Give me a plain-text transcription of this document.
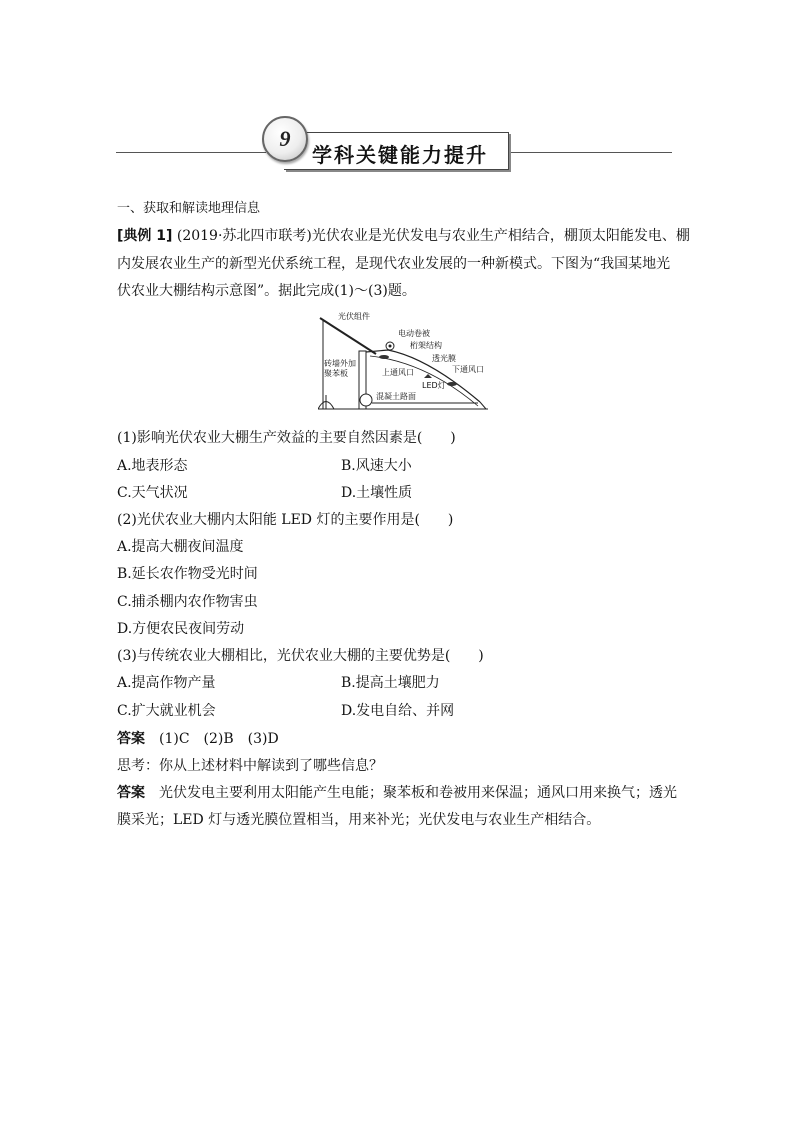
9
学科关键能力提升
一、获取和解读地理信息
[典例 1] (2019·苏北四市联考)光伏农业是光伏发电与农业生产相结合，棚顶太阳能发电、棚
内发展农业生产的新型光伏系统工程，是现代农业发展的一种新模式。下图为“我国某地光
伏农业大棚结构示意图”。据此完成(1)～(3)题。
光伏组件
电动卷被
桁架结构
透光膜
砖墙外加
聚苯板	上通风口	下通风口
LED灯
混凝土路面
(1)影响光伏农业大棚生产效益的主要自然因素是(　　)
A.地表形态	B.风速大小
C.天气状况	D.土壤性质
(2)光伏农业大棚内太阳能 LED 灯的主要作用是(　　)
A.提高大棚夜间温度
B.延长农作物受光时间
C.捕杀棚内农作物害虫
D.方便农民夜间劳动
(3)与传统农业大棚相比，光伏农业大棚的主要优势是(　　)
A.提高作物产量	B.提高土壤肥力
C.扩大就业机会	D.发电自给、并网
答案　(1)C　(2)B　(3)D
思考：你从上述材料中解读到了哪些信息？
答案　光伏发电主要利用太阳能产生电能；聚苯板和卷被用来保温；通风口用来换气；透光
膜采光；LED 灯与透光膜位置相当，用来补光；光伏发电与农业生产相结合。
